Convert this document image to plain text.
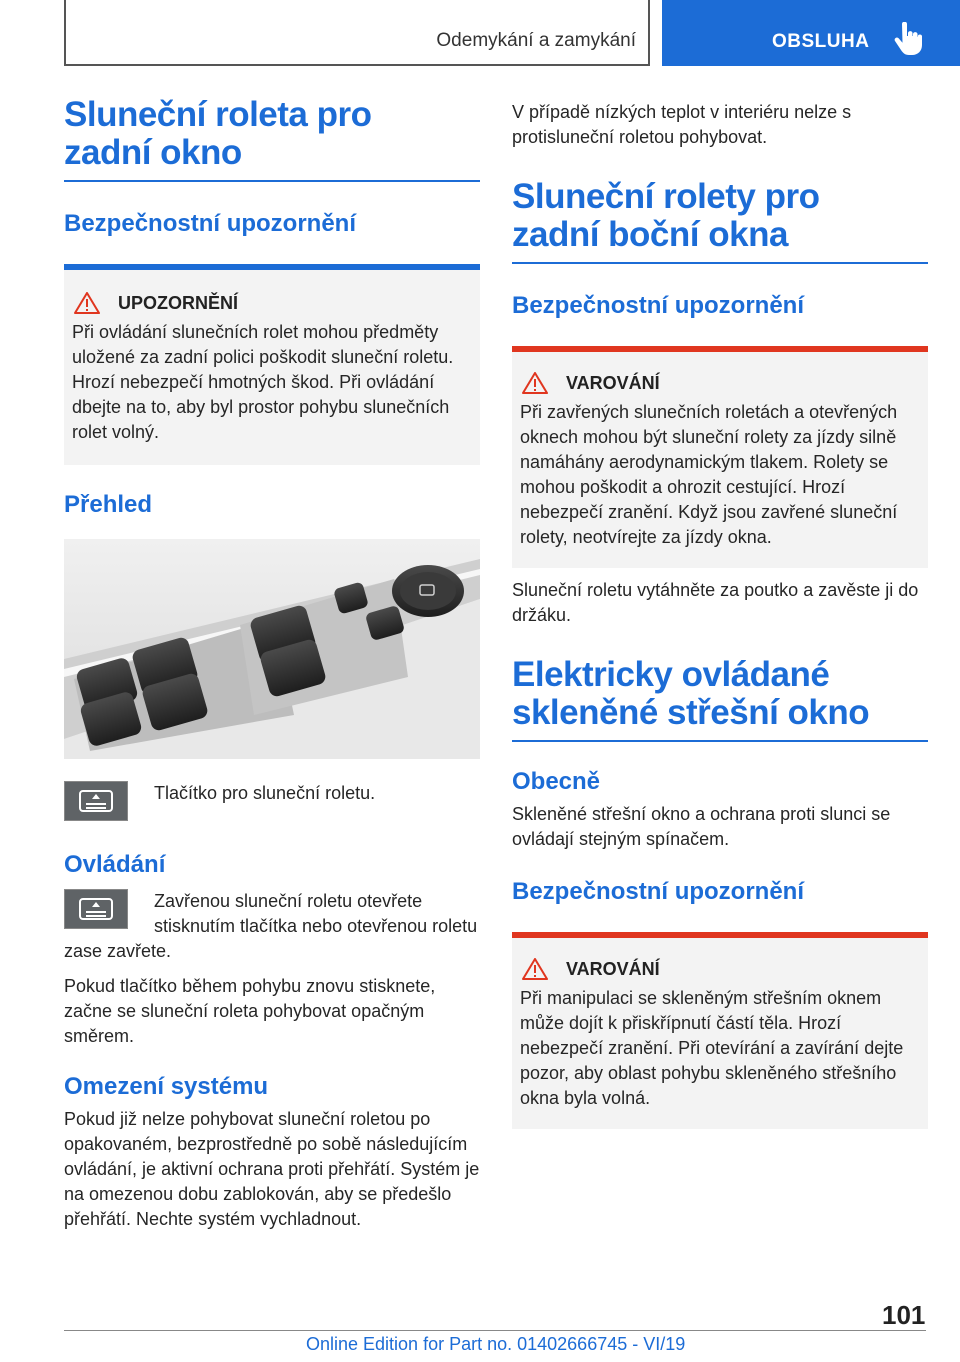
Odemykání a zamykání	OBSLUHA
Sluneční roleta pro zadní okno
Bezpečnostní upozornění
UPOZORNĚNÍ
Při ovládání slunečních rolet mohou předměty uložené za zadní polici poškodit sluneční roletu. Hrozí nebezpečí hmotných škod. Při ovládání dbejte na to, aby byl prostor pohybu slunečních rolet volný.
Přehled
Tlačítko pro sluneční roletu.
Ovládání
Zavřenou sluneční roletu otevřete stisknutím tlačítka nebo otevřenou roletu zase zavřete.
Pokud tlačítko během pohybu znovu stisknete, začne se sluneční roleta pohybovat opačným směrem.
Omezení systému
Pokud již nelze pohybovat sluneční roletou po opakovaném, bezprostředně po sobě následujícím ovládání, je aktivní ochrana proti přehřátí. Systém je na omezenou dobu zablokován, aby se předešlo přehřátí. Nechte systém vychladnout.
V případě nízkých teplot v interiéru nelze s protisluneční roletou pohybovat.
Sluneční rolety pro zadní boční okna
Bezpečnostní upozornění
VAROVÁNÍ
Při zavřených slunečních roletách a otevřených oknech mohou být sluneční rolety za jízdy silně namáhány aerodynamickým tlakem. Rolety se mohou poškodit a ohrozit cestující. Hrozí nebezpečí zranění. Když jsou zavřené sluneční rolety, neotvírejte za jízdy okna.
Sluneční roletu vytáhněte za poutko a zavěste ji do držáku.
Elektricky ovládané skleněné střešní okno
Obecně
Skleněné střešní okno a ochrana proti slunci se ovládají stejným spínačem.
Bezpečnostní upozornění
VAROVÁNÍ
Při manipulaci se skleněným střešním oknem může dojít k přiskřípnutí částí těla. Hrozí nebezpečí zranění. Při otevírání a zavírání dejte pozor, aby oblast pohybu skleněného střešního okna byla volná.
101
Online Edition for Part no. 01402666745 - VI/19
